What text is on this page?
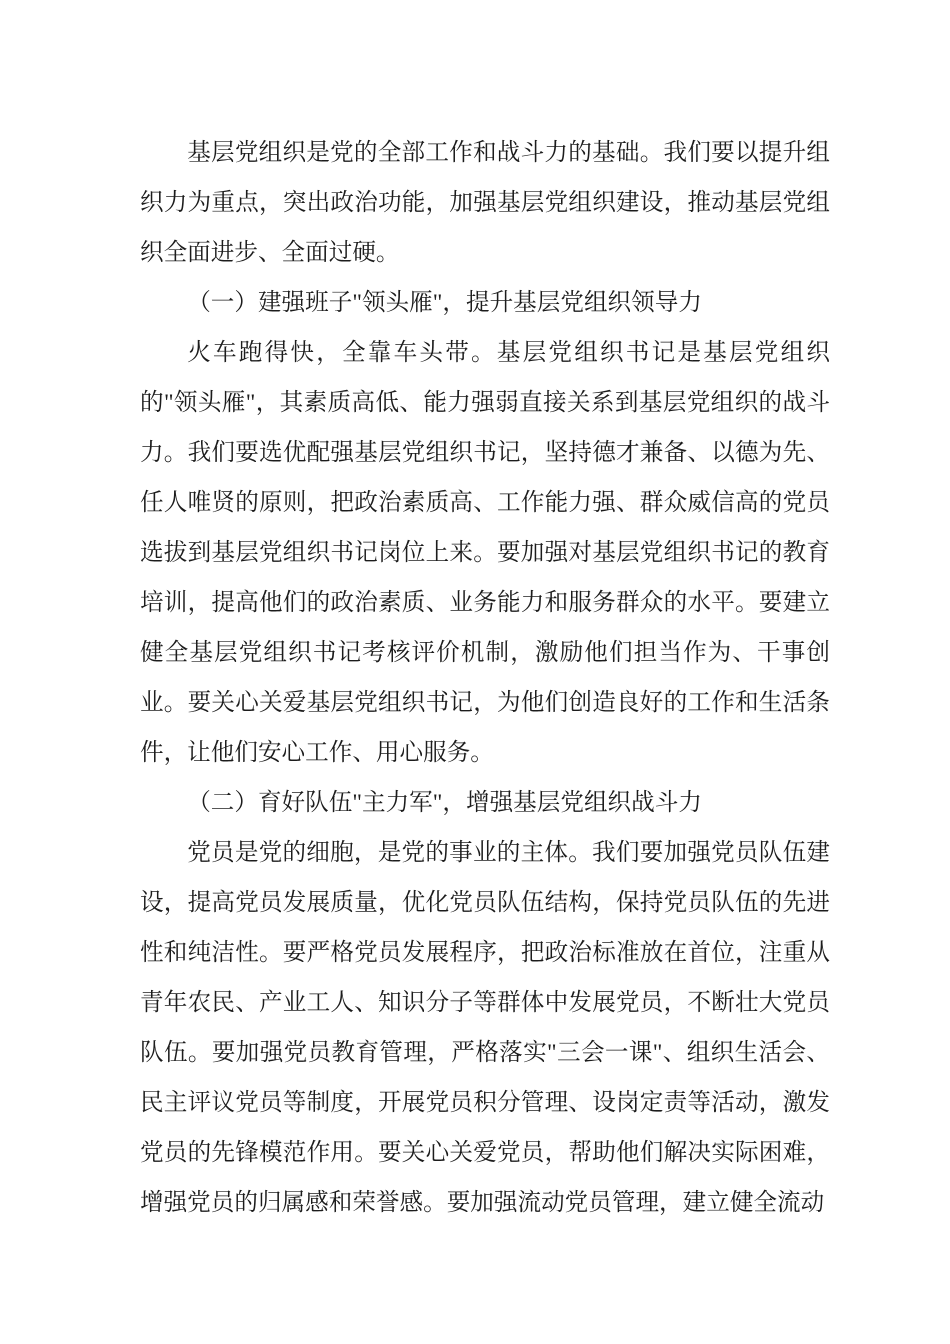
基层党组织是党的全部工作和战斗力的基础。我们要以提升组织力为重点，突出政治功能，加强基层党组织建设，推动基层党组织全面进步、全面过硬。

（一）建强班子"领头雁"，提升基层党组织领导力

火车跑得快，全靠车头带。基层党组织书记是基层党组织的"领头雁"，其素质高低、能力强弱直接关系到基层党组织的战斗力。我们要选优配强基层党组织书记，坚持德才兼备、以德为先、任人唯贤的原则，把政治素质高、工作能力强、群众威信高的党员选拔到基层党组织书记岗位上来。要加强对基层党组织书记的教育培训，提高他们的政治素质、业务能力和服务群众的水平。要建立健全基层党组织书记考核评价机制，激励他们担当作为、干事创业。要关心关爱基层党组织书记，为他们创造良好的工作和生活条件，让他们安心工作、用心服务。

（二）育好队伍"主力军"，增强基层党组织战斗力

党员是党的细胞，是党的事业的主体。我们要加强党员队伍建设，提高党员发展质量，优化党员队伍结构，保持党员队伍的先进性和纯洁性。要严格党员发展程序，把政治标准放在首位，注重从青年农民、产业工人、知识分子等群体中发展党员，不断壮大党员队伍。要加强党员教育管理，严格落实"三会一课"、组织生活会、民主评议党员等制度，开展党员积分管理、设岗定责等活动，激发党员的先锋模范作用。要关心关爱党员，帮助他们解决实际困难，增强党员的归属感和荣誉感。要加强流动党员管理，建立健全流动
